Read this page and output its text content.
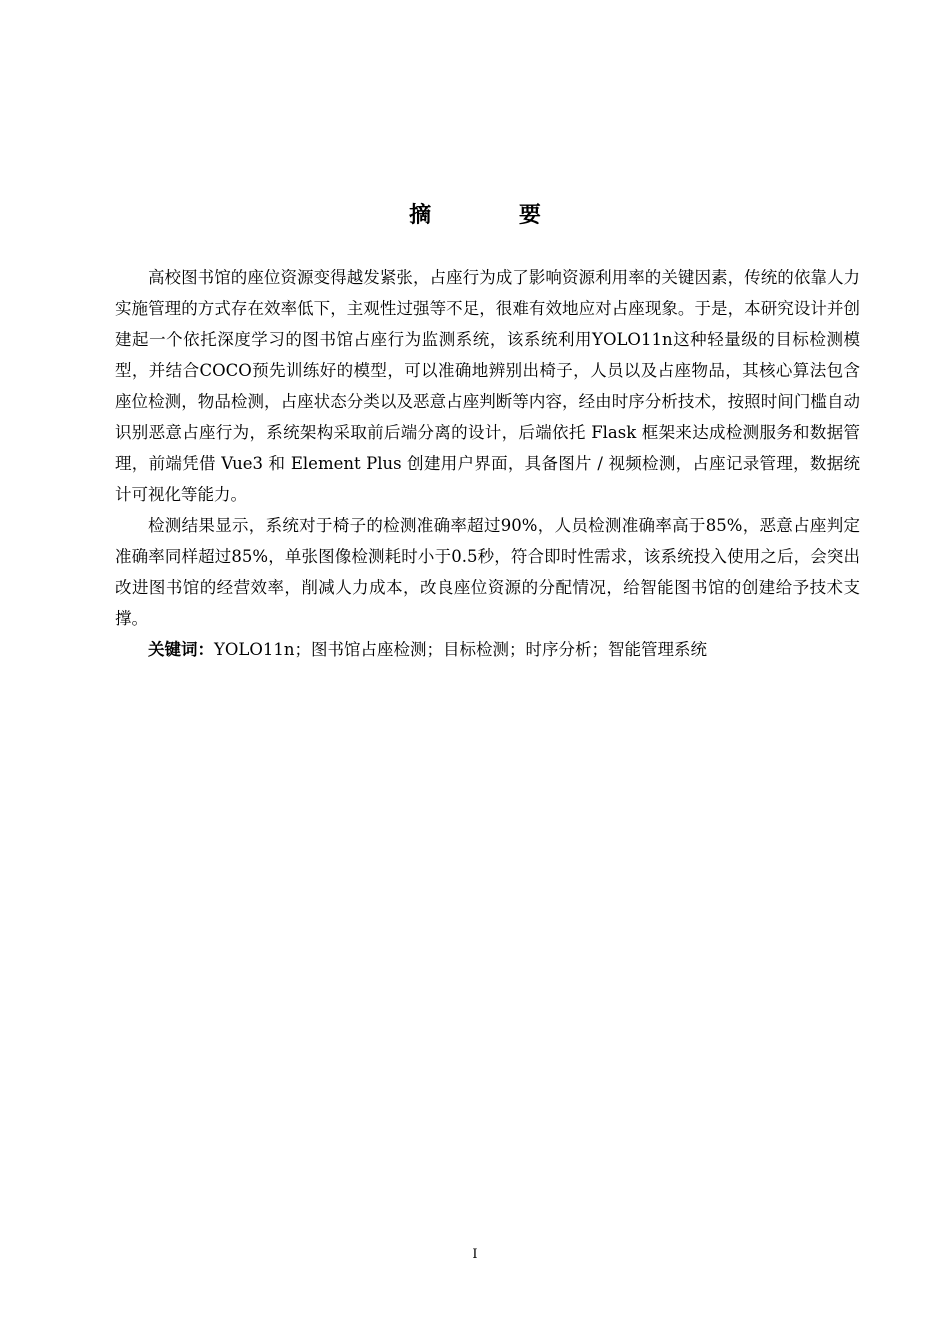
摘 要

高校图书馆的座位资源变得越发紧张，占座行为成了影响资源利用率的关键因素，传统的依靠人力实施管理的方式存在效率低下，主观性过强等不足，很难有效地应对占座现象。于是，本研究设计并创建起一个依托深度学习的图书馆占座行为监测系统，该系统利用YOLO11n这种轻量级的目标检测模型，并结合COCO预先训练好的模型，可以准确地辨别出椅子，人员以及占座物品，其核心算法包含座位检测，物品检测，占座状态分类以及恶意占座判断等内容，经由时序分析技术，按照时间门槛自动识别恶意占座行为，系统架构采取前后端分离的设计，后端依托 Flask 框架来达成检测服务和数据管理，前端凭借 Vue3 和 Element Plus 创建用户界面，具备图片 / 视频检测，占座记录管理，数据统计可视化等能力。

检测结果显示，系统对于椅子的检测准确率超过90%，人员检测准确率高于85%，恶意占座判定准确率同样超过85%，单张图像检测耗时小于0.5秒，符合即时性需求，该系统投入使用之后，会突出改进图书馆的经营效率，削减人力成本，改良座位资源的分配情况，给智能图书馆的创建给予技术支撑。

关键词：YOLO11n；图书馆占座检测；目标检测；时序分析；智能管理系统

I
